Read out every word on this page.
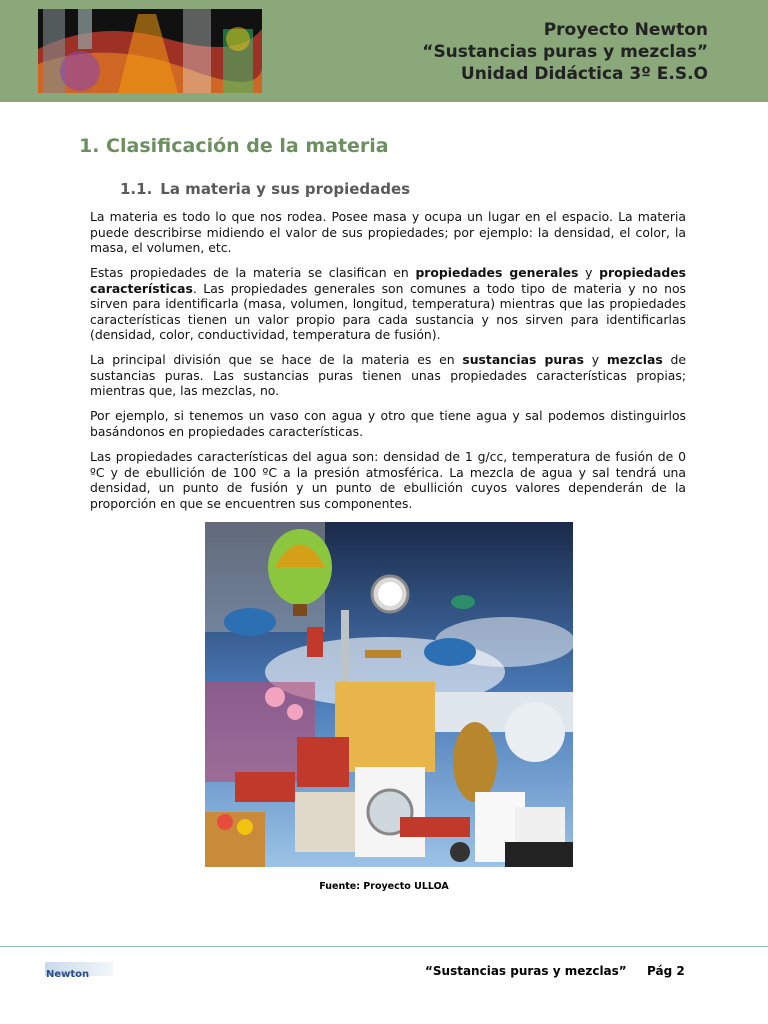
Proyecto Newton
“Sustancias puras y mezclas”
Unidad Didáctica 3º E.S.O
1. Clasificación de la materia
1.1. La materia y sus propiedades

La materia es todo lo que nos rodea. Posee masa y ocupa un lugar en el espacio. La materia puede describirse midiendo el valor de sus propiedades; por ejemplo: la densidad, el color, la masa, el volumen, etc.

Estas propiedades de la materia se clasifican en propiedades generales y propiedades características. Las propiedades generales son comunes a todo tipo de materia y no nos sirven para identificarla (masa, volumen, longitud, temperatura) mientras que las propiedades características tienen un valor propio para cada sustancia y nos sirven para identificarlas (densidad, color, conductividad, temperatura de fusión).

La principal división que se hace de la materia es en sustancias puras y mezclas de sustancias puras. Las sustancias puras tienen unas propiedades características propias; mientras que, las mezclas, no.

Por ejemplo, si tenemos un vaso con agua y otro que tiene agua y sal podemos distinguirlos basándonos en propiedades características.

Las propiedades características del agua son: densidad de 1 g/cc, temperatura de fusión de 0 ºC y de ebullición de 100 ºC a la presión atmosférica. La mezcla de agua y sal tendrá una densidad, un punto de fusión y un punto de ebullición cuyos valores dependerán de la proporción en que se encuentren sus componentes.

Fuente: Proyecto ULLOA
Newton	“Sustancias puras y mezclas” Pág 2
